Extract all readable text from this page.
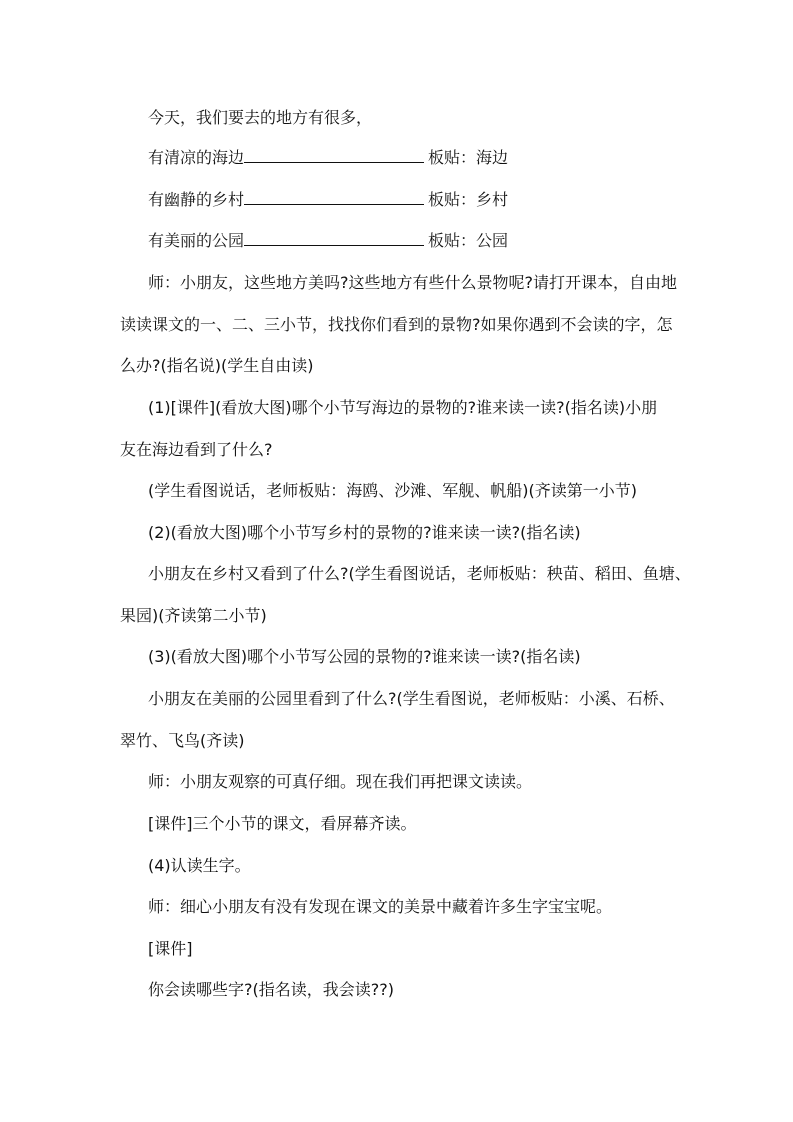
今天，我们要去的地方有很多，
有清凉的海边	板贴：海边
有幽静的乡村	板贴：乡村
有美丽的公园	板贴：公园
师：小朋友，这些地方美吗?这些地方有些什么景物呢?请打开课本，自由地
读读课文的一、二、三小节，找找你们看到的景物?如果你遇到不会读的字，怎
么办?(指名说)(学生自由读)
(1)[课件](看放大图)哪个小节写海边的景物的?谁来读一读?(指名读)小朋
友在海边看到了什么?
(学生看图说话，老师板贴：海鸥、沙滩、军舰、帆船)(齐读第一小节)
(2)(看放大图)哪个小节写乡村的景物的?谁来读一读?(指名读)
小朋友在乡村又看到了什么?(学生看图说话，老师板贴：秧苗、稻田、鱼塘、
果园)(齐读第二小节)
(3)(看放大图)哪个小节写公园的景物的?谁来读一读?(指名读)
小朋友在美丽的公园里看到了什么?(学生看图说，老师板贴：小溪、石桥、
翠竹、飞鸟(齐读)
师：小朋友观察的可真仔细。现在我们再把课文读读。
[课件]三个小节的课文，看屏幕齐读。
(4)认读生字。
师：细心小朋友有没有发现在课文的美景中藏着许多生字宝宝呢。
[课件]
你会读哪些字?(指名读，我会读??)
